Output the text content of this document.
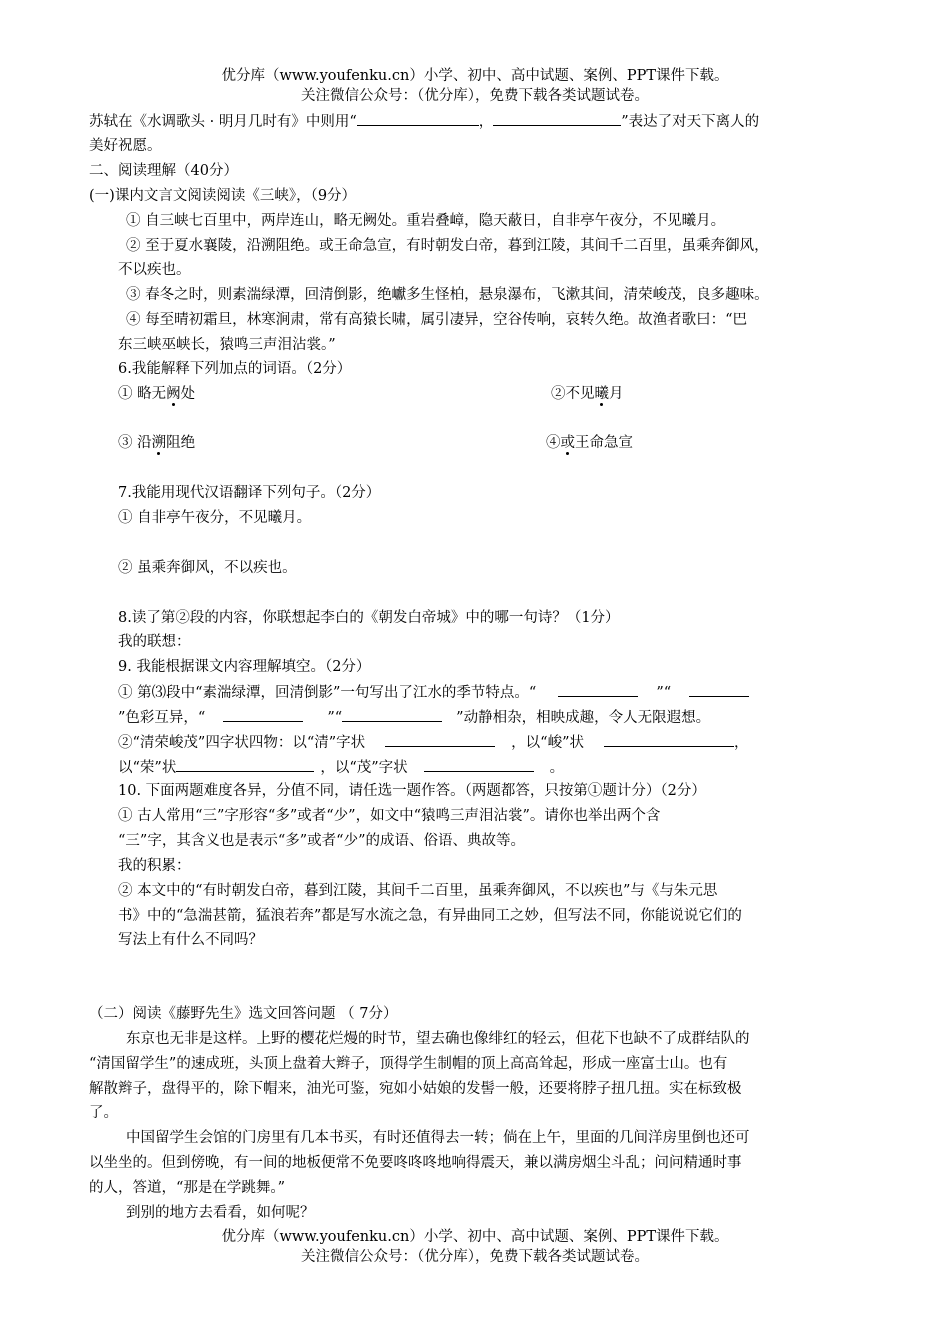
优分库（www.youfenku.cn）小学、初中、高中试题、案例、PPT课件下载。
关注微信公众号：（优分库），免费下载各类试题试卷。
苏轼在《水调歌头 · 明月几时有》中则用“	，	”表达了对天下离人的
美好祝愿。
二、阅读理解（40分）
(一)课内文言文阅读阅读《三峡》，（9分）
① 自三峡七百里中，两岸连山，略无阙处。重岩叠嶂，隐天蔽日，自非亭午夜分，不见曦月。
② 至于夏水襄陵，沿溯阻绝。或王命急宣，有时朝发白帝，暮到江陵，其间千二百里，虽乘奔御风，
不以疾也。
③ 春冬之时，则素湍绿潭，回清倒影，绝巘多生怪柏，悬泉瀑布，飞漱其间，清荣峻茂，良多趣味。
④ 每至晴初霜旦，林寒涧肃，常有高猿长啸，属引凄异，空谷传响，哀转久绝。故渔者歌曰：“巴
东三峡巫峡长，猿鸣三声泪沾裳。”
6.我能解释下列加点的词语。（2分）
① 略无阙处	②不见曦月
③ 沿溯阻绝	④或王命急宣
7.我能用现代汉语翻译下列句子。（2分）
① 自非亭午夜分，不见曦月。
② 虽乘奔御风，不以疾也。
8.读了第②段的内容，你联想起李白的《朝发白帝城》中的哪一句诗？（1分）
我的联想：
9. 我能根据课文内容理解填空。（2分）
① 第⑶段中“素湍绿潭，回清倒影”一句写出了江水的季节特点。“	”“
”色彩互异，“	”“	”动静相杂，相映成趣，令人无限遐想。
②“清荣峻茂”四字状四物：以“清”字状	，以“峻”状	，
以“荣”状	，以“茂”字状	。
10. 下面两题难度各异，分值不同，请任选一题作答。（两题都答，只按第①题计分）（2分）
① 古人常用“三”字形容“多”或者“少”，如文中“猿鸣三声泪沾裳”。请你也举出两个含
“三”字，其含义也是表示“多”或者“少”的成语、俗语、典故等。
我的积累：
② 本文中的“有时朝发白帝，暮到江陵，其间千二百里，虽乘奔御风，不以疾也”与《与朱元思
书》中的“急湍甚箭，猛浪若奔”都是写水流之急，有异曲同工之妙，但写法不同，你能说说它们的
写法上有什么不同吗？
（二）阅读《藤野先生》选文回答问题 （ 7分）
东京也无非是这样。上野的樱花烂熳的时节，望去确也像绯红的轻云，但花下也缺不了成群结队的
“清国留学生”的速成班，头顶上盘着大辫子，顶得学生制帽的顶上高高耸起，形成一座富士山。也有
解散辫子，盘得平的，除下帽来，油光可鉴，宛如小姑娘的发髻一般，还要将脖子扭几扭。实在标致极
了。
中国留学生会馆的门房里有几本书买，有时还值得去一转；倘在上午，里面的几间洋房里倒也还可
以坐坐的。但到傍晚，有一间的地板便常不免要咚咚咚地响得震天，兼以满房烟尘斗乱；问问精通时事
的人，答道，“那是在学跳舞。”
到别的地方去看看，如何呢？
优分库（www.youfenku.cn）小学、初中、高中试题、案例、PPT课件下载。
关注微信公众号：（优分库），免费下载各类试题试卷。
